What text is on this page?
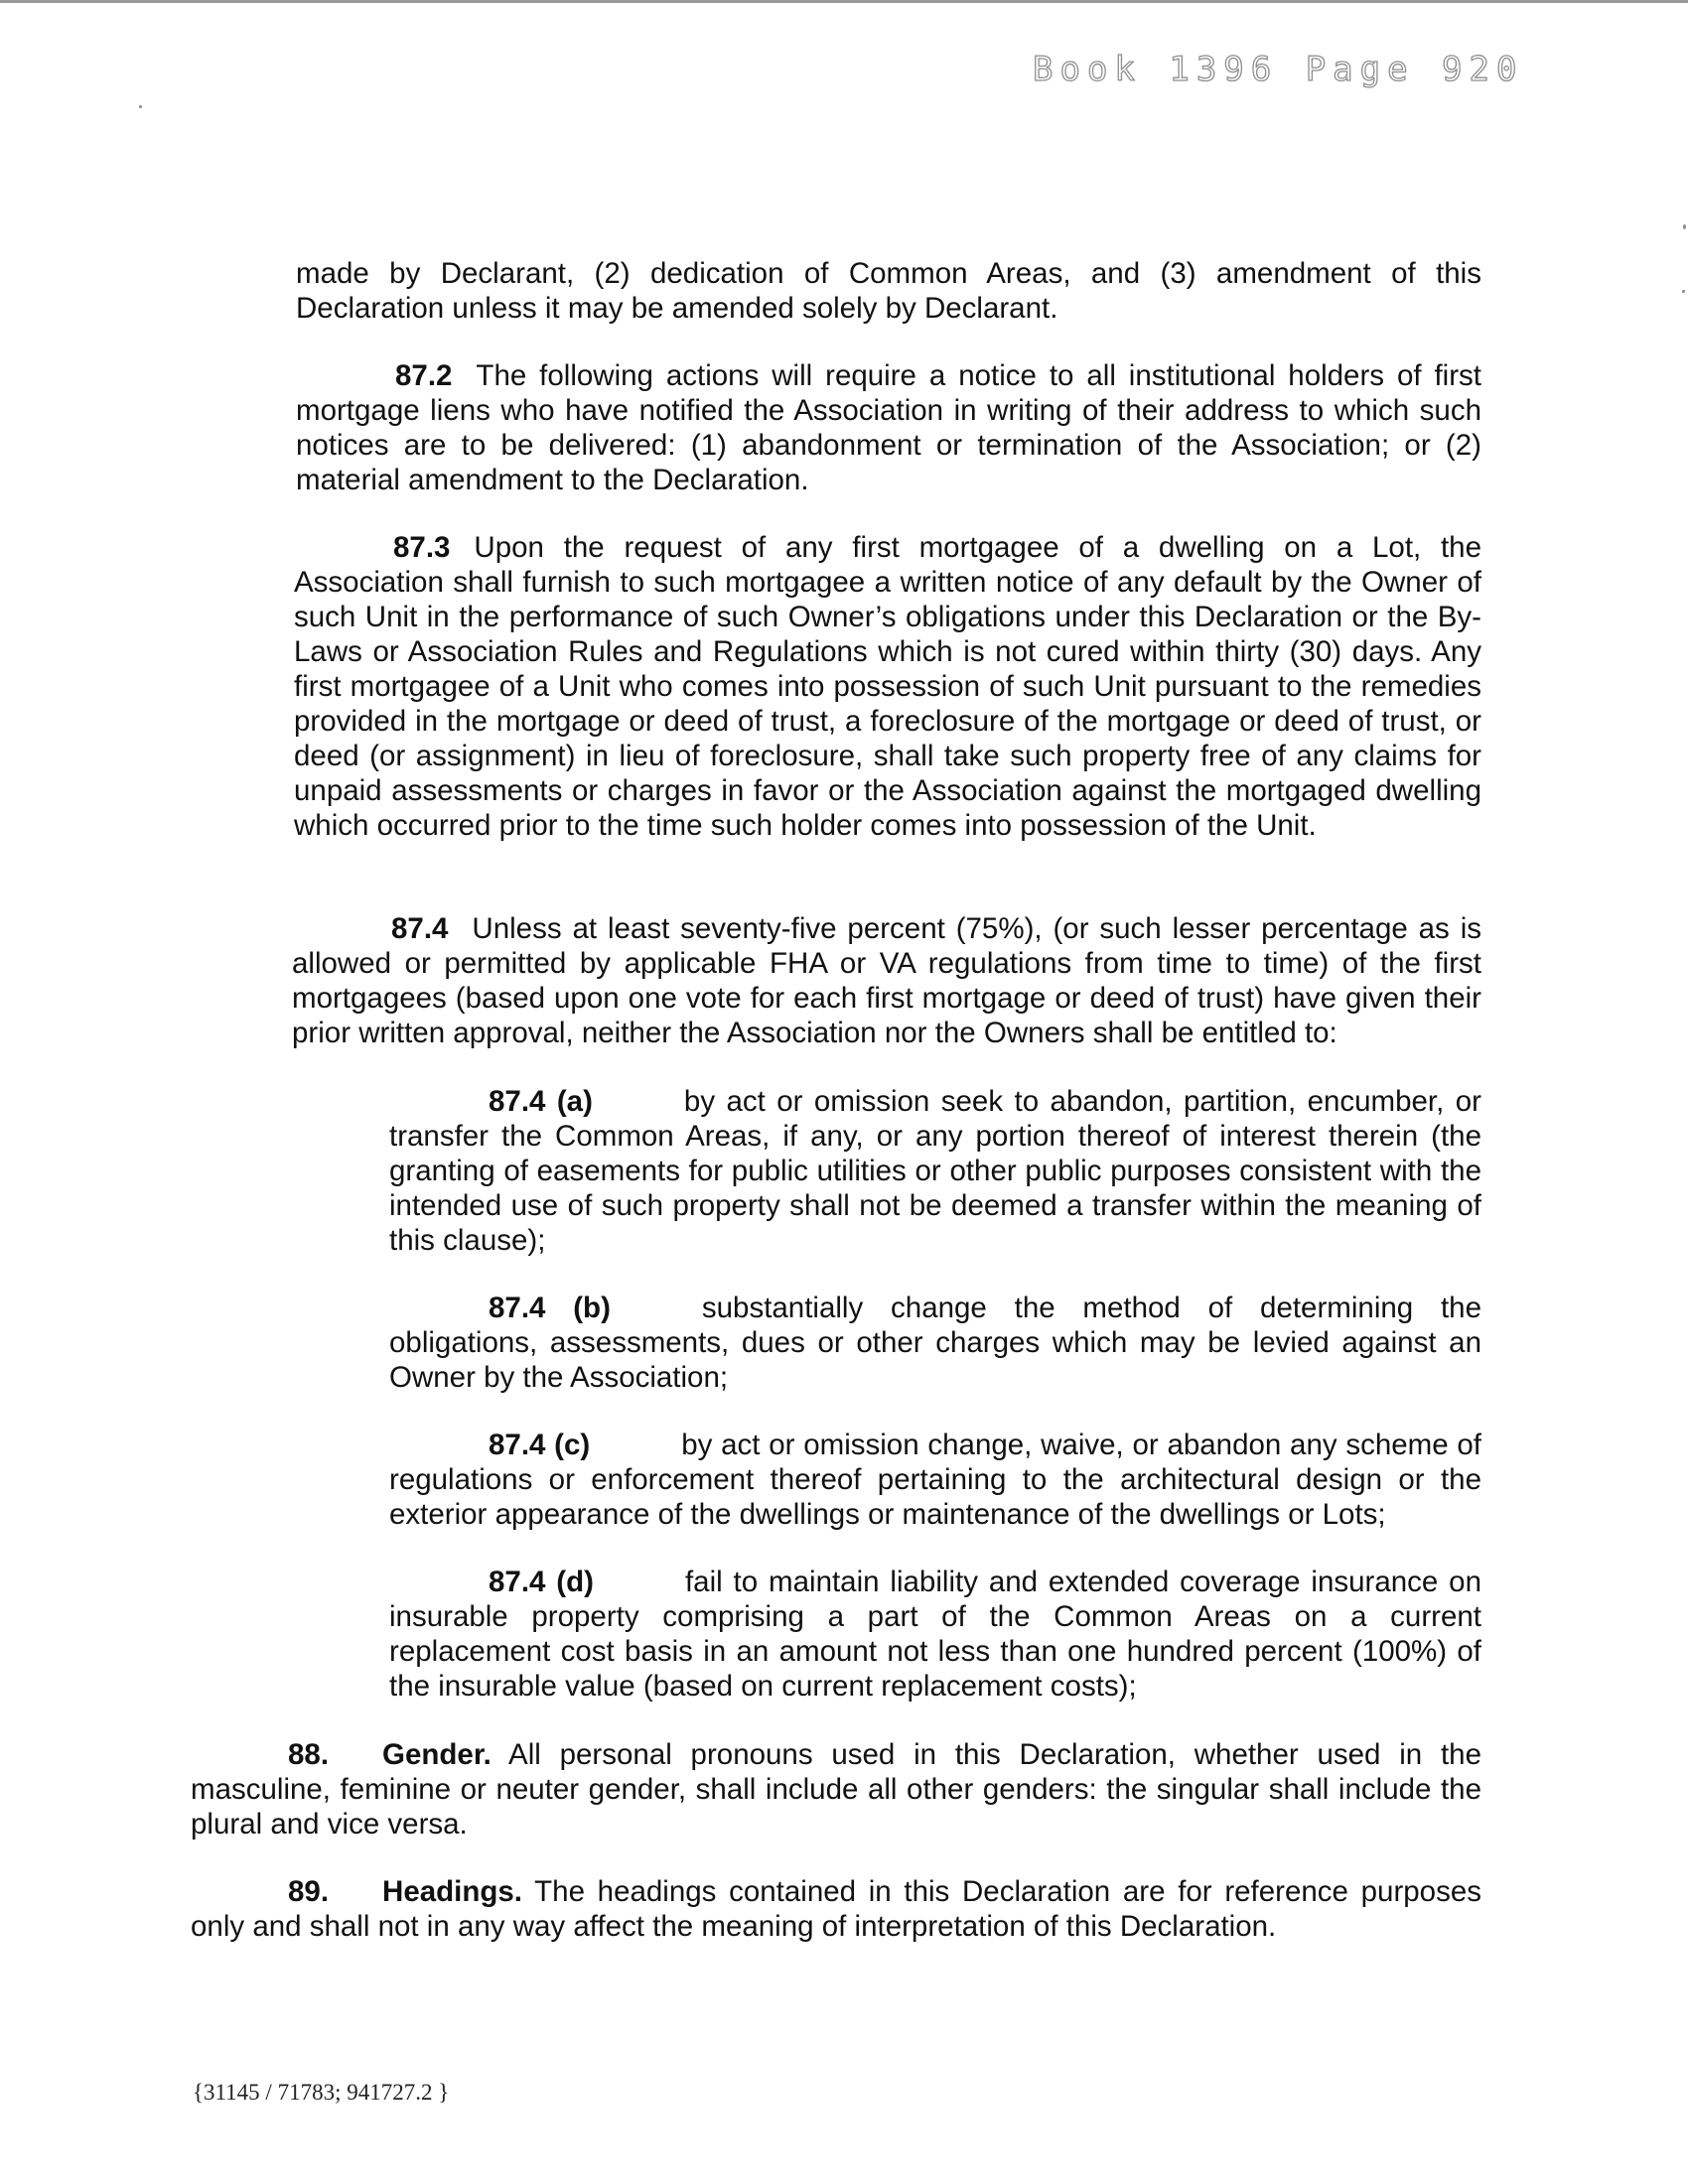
Book 1396 Page 920

made by Declarant, (2) dedication of Common Areas, and (3) amendment of this Declaration unless it may be amended solely by Declarant.

87.2 The following actions will require a notice to all institutional holders of first mortgage liens who have notified the Association in writing of their address to which such notices are to be delivered: (1) abandonment or termination of the Association; or (2) material amendment to the Declaration.

87.3 Upon the request of any first mortgagee of a dwelling on a Lot, the Association shall furnish to such mortgagee a written notice of any default by the Owner of such Unit in the performance of such Owner’s obligations under this Declaration or the By-Laws or Association Rules and Regulations which is not cured within thirty (30) days. Any first mortgagee of a Unit who comes into possession of such Unit pursuant to the remedies provided in the mortgage or deed of trust, a foreclosure of the mortgage or deed of trust, or deed (or assignment) in lieu of foreclosure, shall take such property free of any claims for unpaid assessments or charges in favor or the Association against the mortgaged dwelling which occurred prior to the time such holder comes into possession of the Unit.

87.4 Unless at least seventy-five percent (75%), (or such lesser percentage as is allowed or permitted by applicable FHA or VA regulations from time to time) of the first mortgagees (based upon one vote for each first mortgage or deed of trust) have given their prior written approval, neither the Association nor the Owners shall be entitled to:

87.4 (a)	by act or omission seek to abandon, partition, encumber, or transfer the Common Areas, if any, or any portion thereof of interest therein (the granting of easements for public utilities or other public purposes consistent with the intended use of such property shall not be deemed a transfer within the meaning of this clause);

87.4 (b)	substantially change the method of determining the obligations, assessments, dues or other charges which may be levied against an Owner by the Association;

87.4 (c)	by act or omission change, waive, or abandon any scheme of regulations or enforcement thereof pertaining to the architectural design or the exterior appearance of the dwellings or maintenance of the dwellings or Lots;

87.4 (d)	fail to maintain liability and extended coverage insurance on insurable property comprising a part of the Common Areas on a current replacement cost basis in an amount not less than one hundred percent (100%) of the insurable value (based on current replacement costs);

88. Gender. All personal pronouns used in this Declaration, whether used in the masculine, feminine or neuter gender, shall include all other genders: the singular shall include the plural and vice versa.

89. Headings. The headings contained in this Declaration are for reference purposes only and shall not in any way affect the meaning of interpretation of this Declaration.

{31145 / 71783; 941727.2 }
